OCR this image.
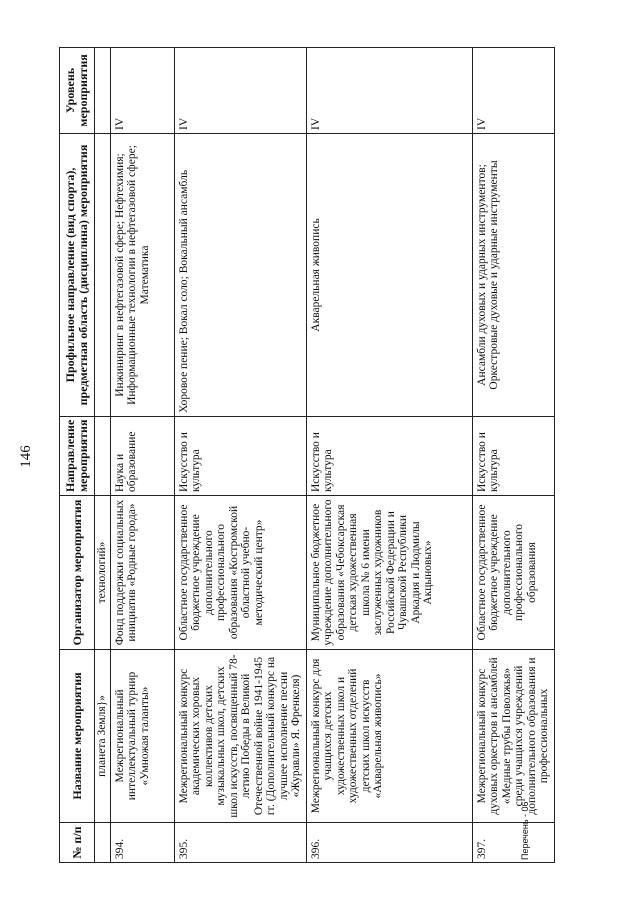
146
№ п/п	Название мероприятия	Организатор мероприятия	Направление мероприятия	Профильное направление (вид спорта), предметная область (дисциплина) мероприятия	Уровень мероприятия
	планета Земля}»	технологий»			
394.	Межрегиональный интеллектуальный турнир «Умножая таланты»	Фонд поддержки социальных инициатив «Родные города»	Наука и образование	Инжиниринг в нефтегазовой сфере; Нефтехимия; Информационные технологии в нефтегазовой сфере; Математика	IV
395.	Межрегиональный конкурс академических хоровых коллективов детских музыкальных школ, детских школ искусств, посвященный 78-летию Победы в Великой Отечественной войне 1941-1945 гг. (Дополнительный конкурс на лучшее исполнение песни «Журавли» Я. Френкеля)	Областное государственное бюджетное учреждение дополнительного профессионального образования «Костромской областной учебно-методический центр»	Искусство и культура	Хоровое пение; Вокал соло; Вокальный ансамбль	IV
396.	Межрегиональный конкурс для учащихся детских художественных школ и художественных отделений детских школ искусств «Акварельная живопись»	Муниципальное бюджетное учреждение дополнительного образования «Чебоксарская детская художественная школа № 6 имени заслуженных художников Российской Федерации и Чувашской Республики Аркадия и Людмилы Акцыновых»	Искусство и культура	Акварельная живопись	IV
397.	Межрегиональный конкурс духовых оркестров и ансамблей «Медные трубы Поволжья» среди учащихся учреждений дополнительного образования и профессиональных	Областное государственное бюджетное учреждение дополнительного профессионального образования	Искусство и культура	Ансамбли духовых и ударных инструментов; Оркестровые духовые и ударные инструменты	IV
Перечень - 06
